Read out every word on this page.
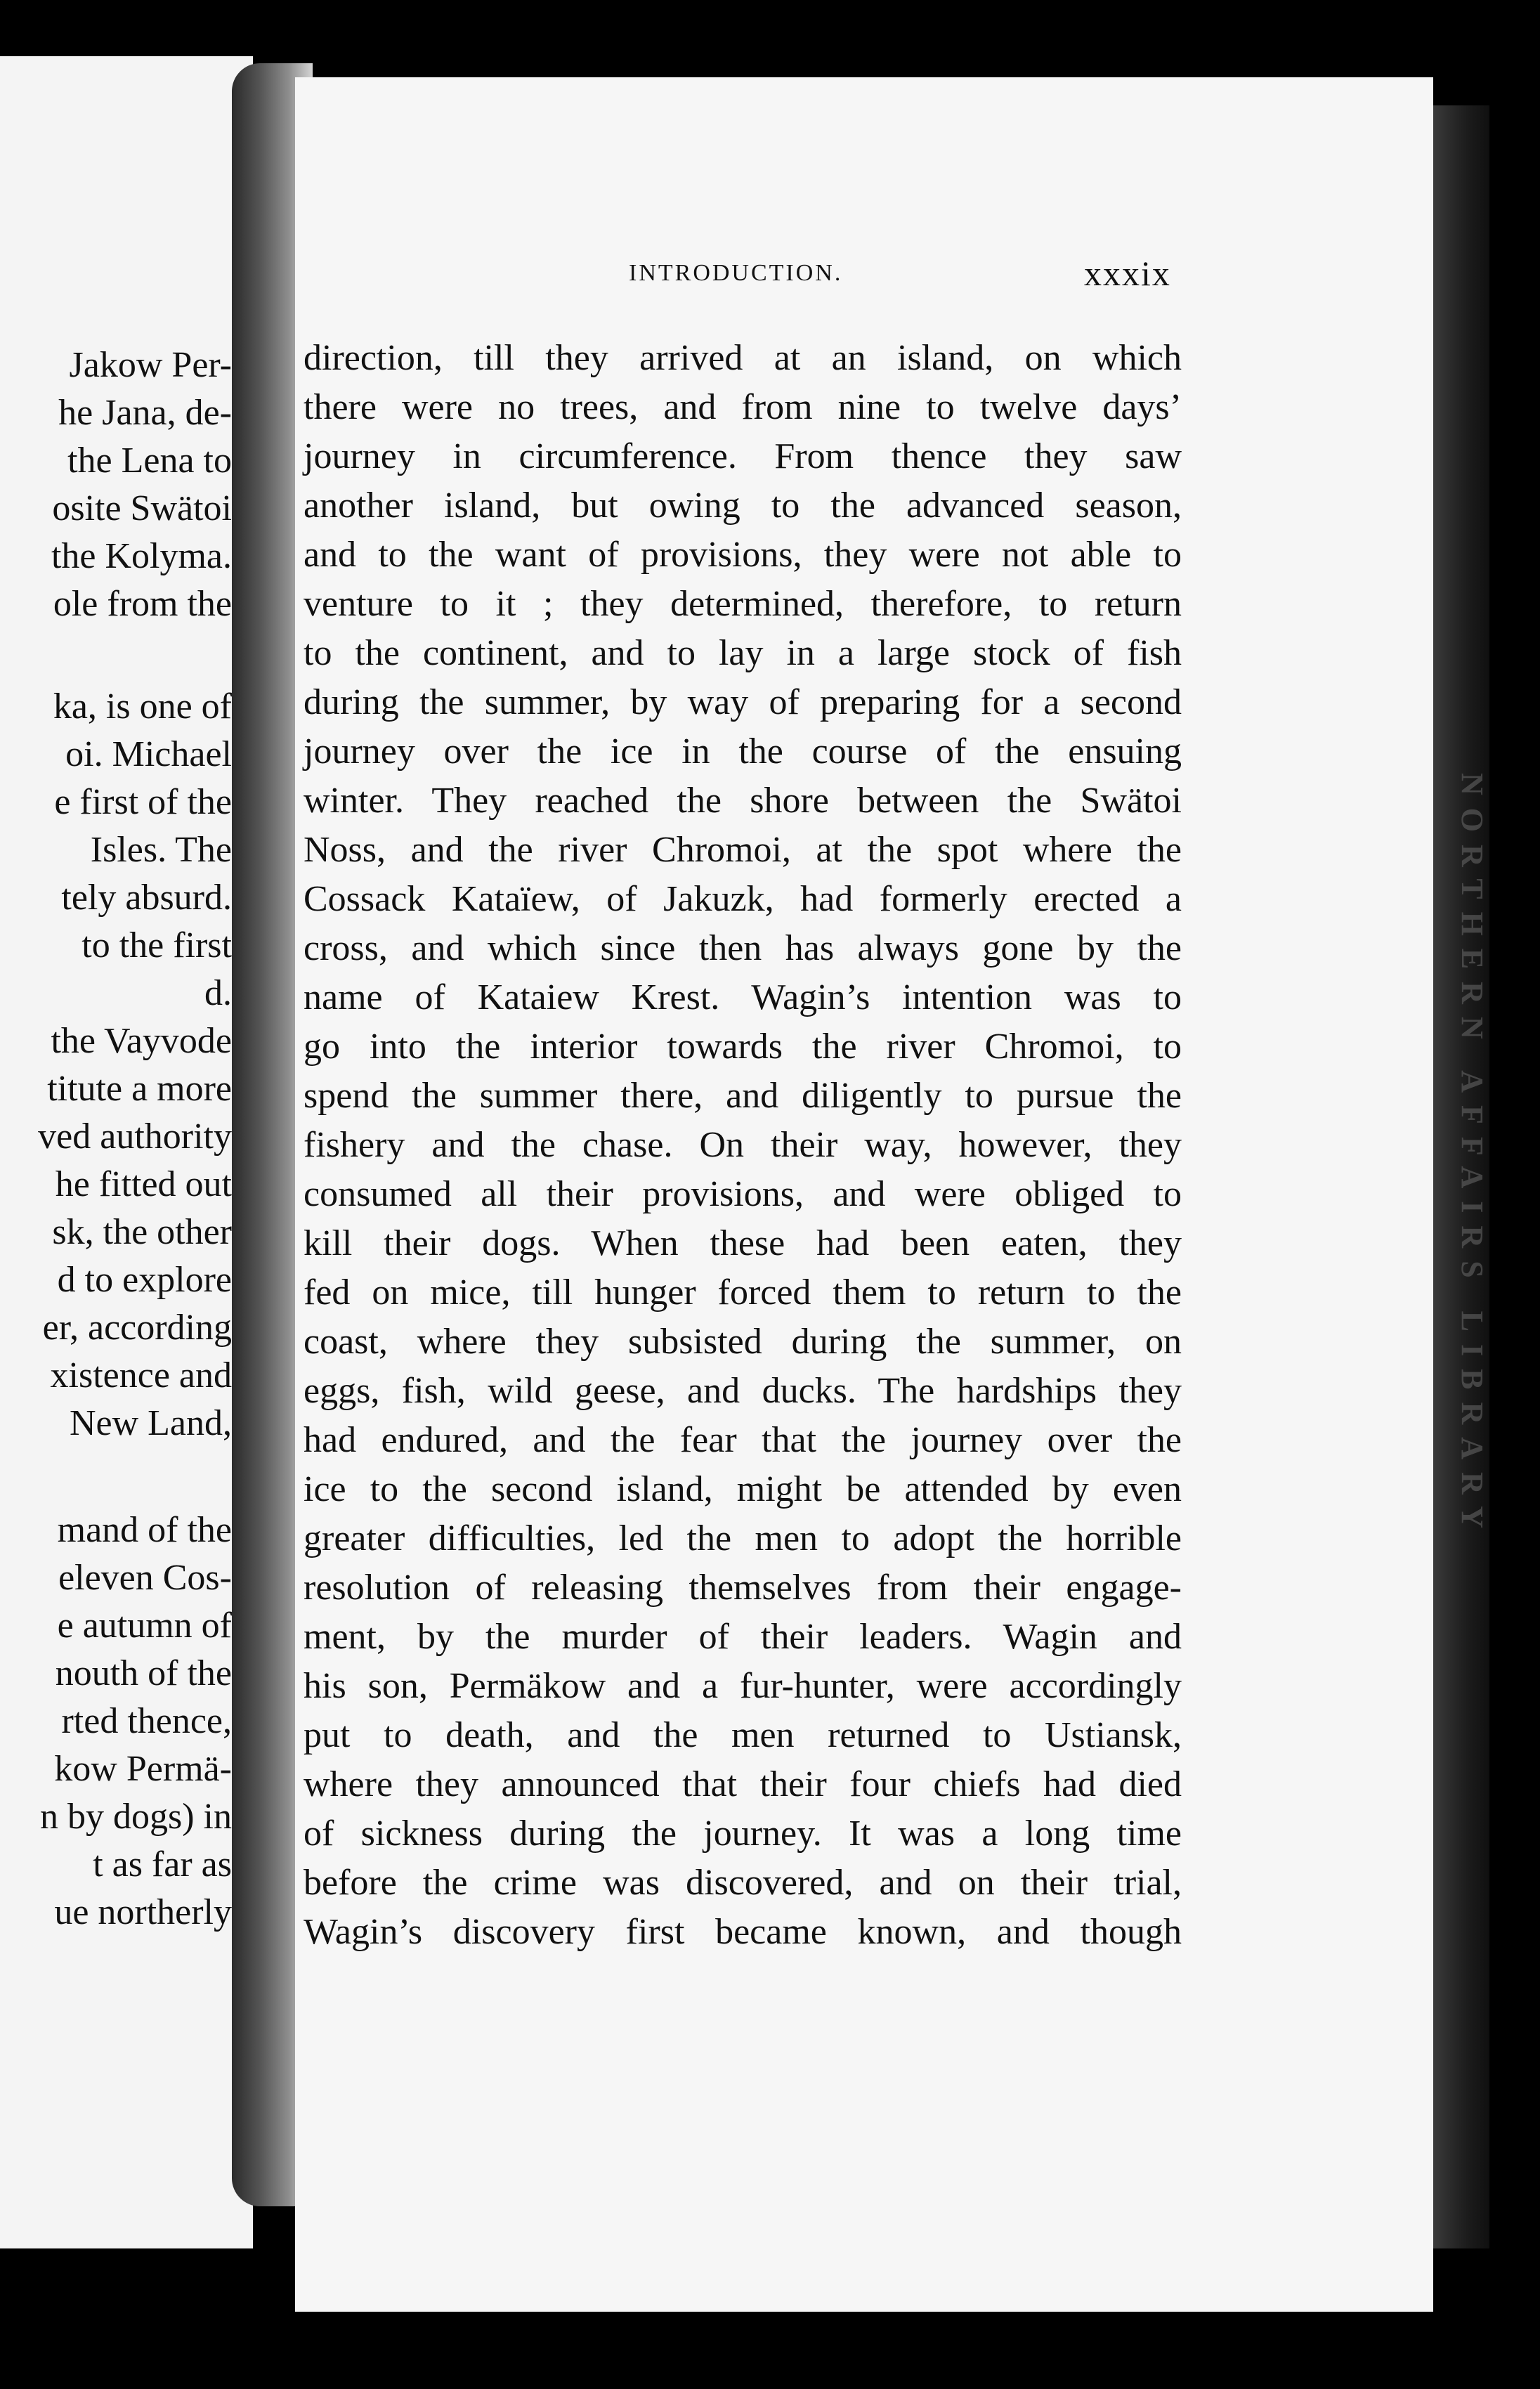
Jakow Per-
he Jana, de-
the Lena to
osite Swätoi
the Kolyma.
ole from the
ka, is one of
oi. Michael
e first of the
Isles. The
tely absurd.
to the first
d.
the Vayvode
titute a more
ved authority
he fitted out
sk, the other
d to explore
er, according
xistence and
New Land,
mand of the
eleven Cos-
e autumn of
nouth of the
rted thence,
kow Permä-
n by dogs) in
t as far as
ue northerly
NORTHERN AFFAIRS LIBRARY
INTRODUCTION.	xxxix
direction, till they arrived at an island, on which
there were no trees, and from nine to twelve days’
journey in circumference. From thence they saw
another island, but owing to the advanced season,
and to the want of provisions, they were not able to
venture to it ; they determined, therefore, to return
to the continent, and to lay in a large stock of fish
during the summer, by way of preparing for a second
journey over the ice in the course of the ensuing
winter. They reached the shore between the Swätoi
Noss, and the river Chromoi, at the spot where the
Cossack Kataïew, of Jakuzk, had formerly erected a
cross, and which since then has always gone by the
name of Kataiew Krest. Wagin’s intention was to
go into the interior towards the river Chromoi, to
spend the summer there, and diligently to pursue the
fishery and the chase. On their way, however, they
consumed all their provisions, and were obliged to
kill their dogs. When these had been eaten, they
fed on mice, till hunger forced them to return to the
coast, where they subsisted during the summer, on
eggs, fish, wild geese, and ducks. The hardships they
had endured, and the fear that the journey over the
ice to the second island, might be attended by even
greater difficulties, led the men to adopt the horrible
resolution of releasing themselves from their engage-
ment, by the murder of their leaders. Wagin and
his son, Permäkow and a fur-hunter, were accordingly
put to death, and the men returned to Ustiansk,
where they announced that their four chiefs had died
of sickness during the journey. It was a long time
before the crime was discovered, and on their trial,
Wagin’s discovery first became known, and though
